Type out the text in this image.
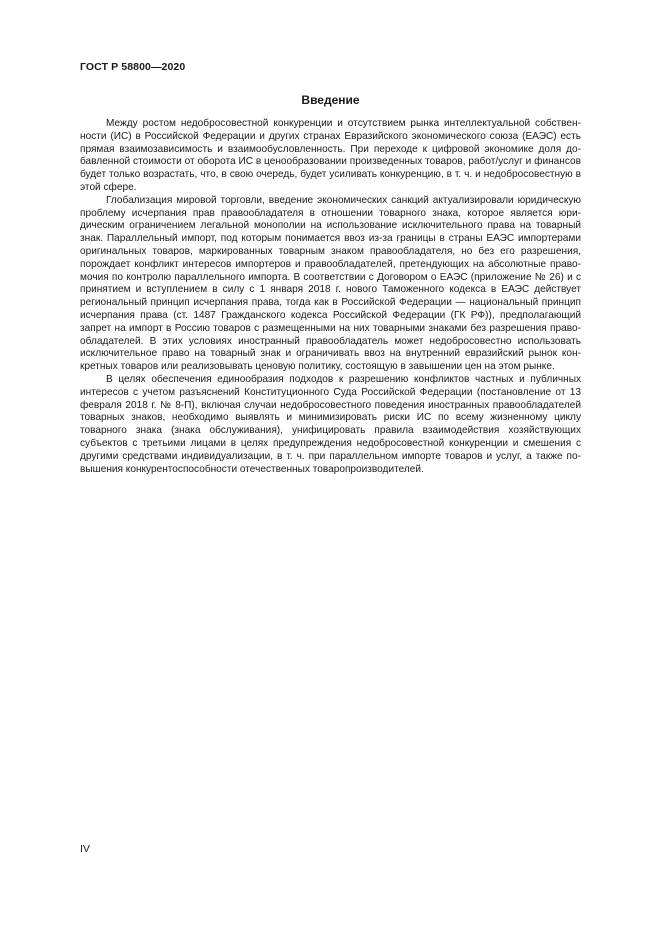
ГОСТ Р 58800—2020
Введение

Между ростом недобросовестной конкуренции и отсутствием рынка интеллектуальной собственности (ИС) в Российской Федерации и других странах Евразийского экономического союза (ЕАЭС) есть прямая взаимозависимость и взаимообусловленность. При переходе к цифровой экономике доля добавленной стоимости от оборота ИС в ценообразовании произведенных товаров, работ/услуг и финансов будет только возрастать, что, в свою очередь, будет усиливать конкуренцию, в т. ч. и недобросовестную в этой сфере.

Глобализация мировой торговли, введение экономических санкций актуализировали юридическую проблему исчерпания прав правообладателя в отношении товарного знака, которое является юридическим ограничением легальной монополии на использование исключительного права на товарный знак. Параллельный импорт, под которым понимается ввоз из-за границы в страны ЕАЭС импортерами оригинальных товаров, маркированных товарным знаком правообладателя, но без его разрешения, порождает конфликт интересов импортеров и правообладателей, претендующих на абсолютные правомочия по контролю параллельного импорта. В соответствии с Договором о ЕАЭС (приложение № 26) и с принятием и вступлением в силу с 1 января 2018 г. нового Таможенного кодекса в ЕАЭС действует региональный принцип исчерпания права, тогда как в Российской Федерации — национальный принцип исчерпания права (ст. 1487 Гражданского кодекса Российской Федерации (ГК РФ)), предполагающий запрет на импорт в Россию товаров с размещенными на них товарными знаками без разрешения правообладателей. В этих условиях иностранный правообладатель может недобросовестно использовать исключительное право на товарный знак и ограничивать ввоз на внутренний евразийский рынок конкретных товаров или реализовывать ценовую политику, состоящую в завышении цен на этом рынке.

В целях обеспечения единообразия подходов к разрешению конфликтов частных и публичных интересов с учетом разъяснений Конституционного Суда Российской Федерации (постановление от 13 февраля 2018 г. № 8-П), включая случаи недобросовестного поведения иностранных правообладателей товарных знаков, необходимо выявлять и минимизировать риски ИС по всему жизненному циклу товарного знака (знака обслуживания), унифицировать правила взаимодействия хозяйствующих субъектов с третьими лицами в целях предупреждения недобросовестной конкуренции и смешения с другими средствами индивидуализации, в т. ч. при параллельном импорте товаров и услуг, а также повышения конкурентоспособности отечественных товаропроизводителей.

IV
